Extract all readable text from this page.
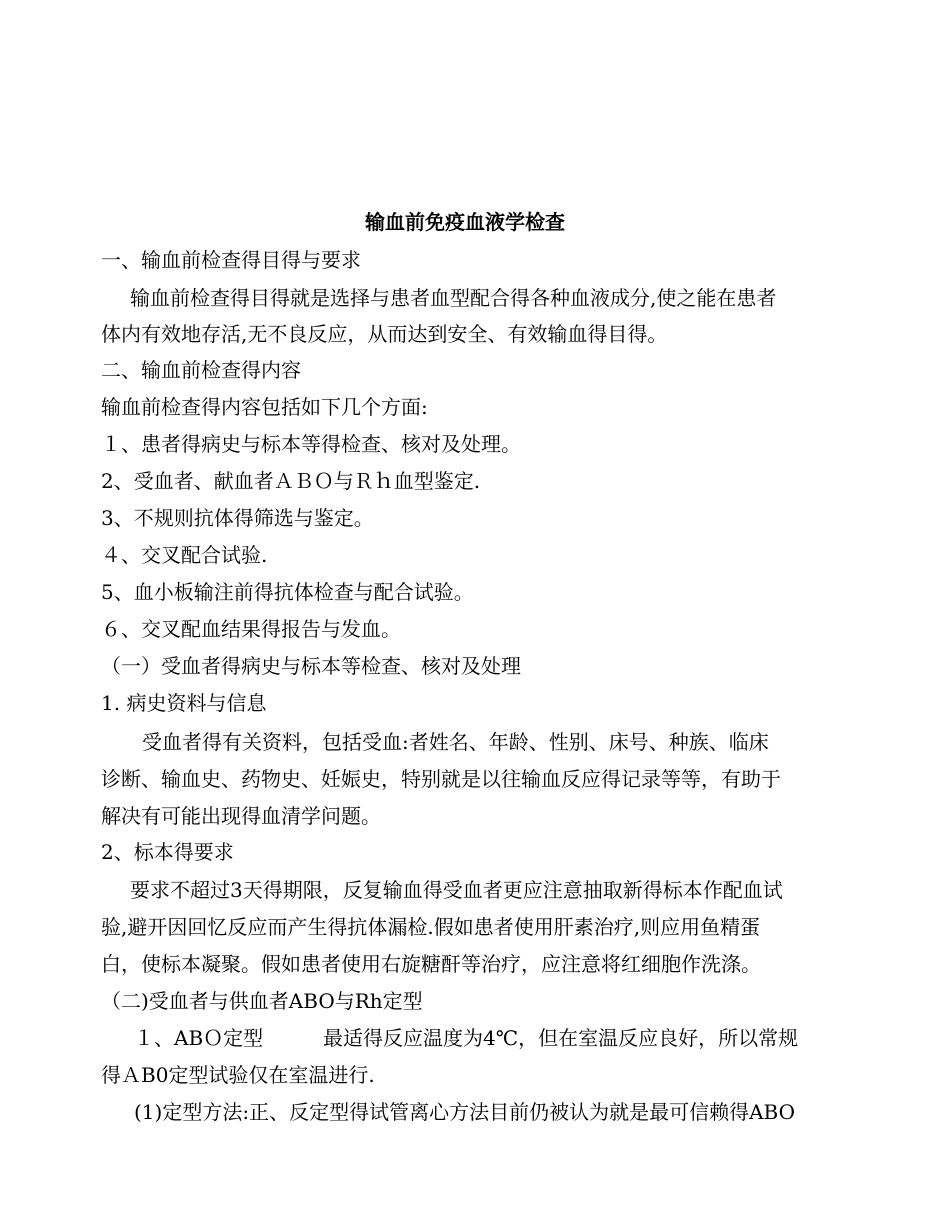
输血前免疫血液学检查
一、输血前检查得目得与要求
输血前检查得目得就是选择与患者血型配合得各种血液成分,使之能在患者
体内有效地存活,无不良反应，从而达到安全、有效输血得目得。
二、输血前检查得内容
输血前检查得内容包括如下几个方面:
１、患者得病史与标本等得检查、核对及处理。
2、受血者、献血者ＡＢＯ与Ｒｈ血型鉴定.
3、不规则抗体得筛选与鉴定。
４、交叉配合试验.
5、血小板输注前得抗体检查与配合试验。
６、交叉配血结果得报告与发血。
（一）受血者得病史与标本等检查、核对及处理
1. 病史资料与信息
受血者得有关资料，包括受血:者姓名、年龄、性别、床号、种族、临床
诊断、输血史、药物史、妊娠史，特别就是以往输血反应得记录等等，有助于
解决有可能出现得血清学问题。
2、标本得要求
要求不超过3天得期限，反复输血得受血者更应注意抽取新得标本作配血试
验,避开因回忆反应而产生得抗体漏检.假如患者使用肝素治疗,则应用鱼精蛋
白，使标本凝聚。假如患者使用右旋糖酐等治疗，应注意将红细胞作洗涤。
（二)受血者与供血者ABO与Rh定型
１、ABＯ定型	最适得反应温度为4℃，但在室温反应良好，所以常规
得ＡB0定型试验仅在室温进行.
(1)定型方法:正、反定型得试管离心方法目前仍被认为就是最可信赖得ABO
